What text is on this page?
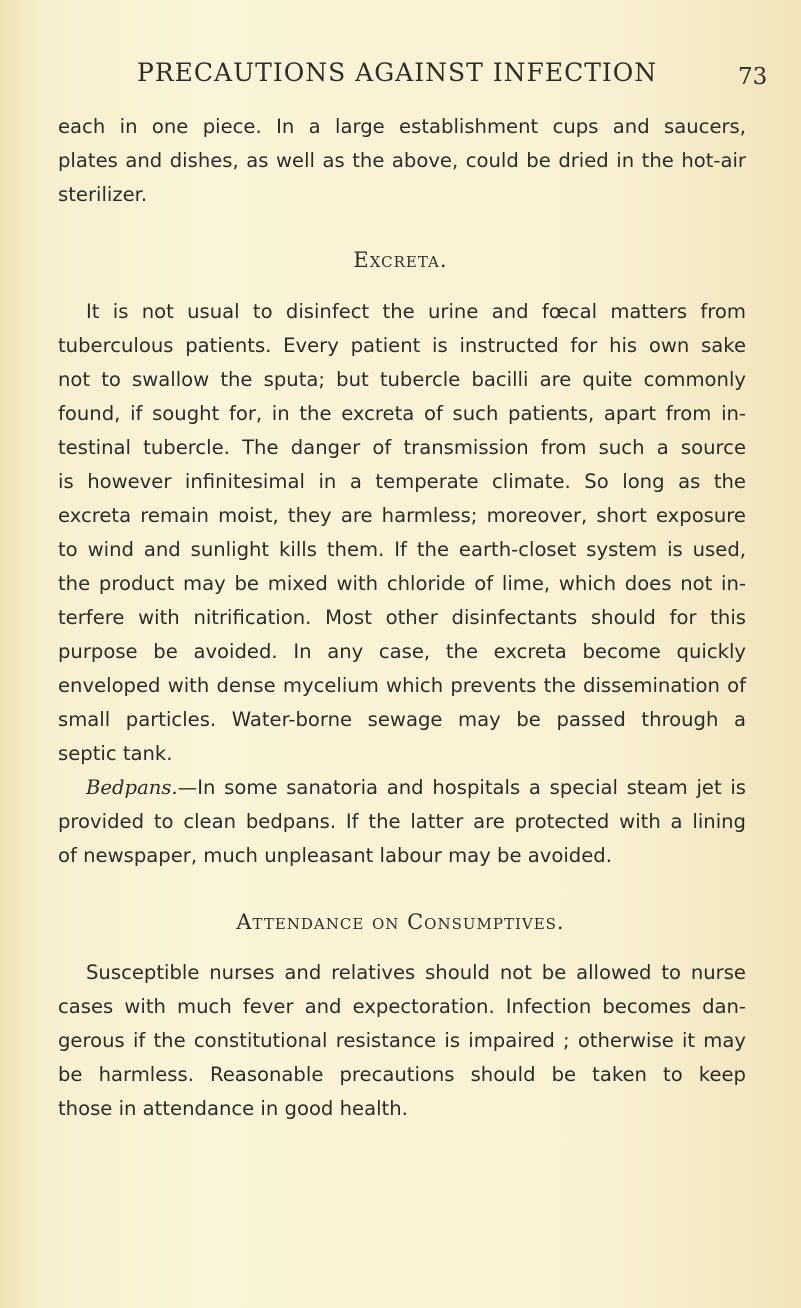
PRECAUTIONS AGAINST INFECTION	73
each in one piece. In a large establishment cups and saucers,
plates and dishes, as well as the above, could be dried in the hot-air
sterilizer.
Excreta.
It is not usual to disinfect the urine and fœcal matters from
tuberculous patients. Every patient is instructed for his own sake
not to swallow the sputa; but tubercle bacilli are quite commonly
found, if sought for, in the excreta of such patients, apart from in-
testinal tubercle. The danger of transmission from such a source
is however infinitesimal in a temperate climate. So long as the
excreta remain moist, they are harmless; moreover, short exposure
to wind and sunlight kills them. If the earth-closet system is used,
the product may be mixed with chloride of lime, which does not in-
terfere with nitrification. Most other disinfectants should for this
purpose be avoided. In any case, the excreta become quickly
enveloped with dense mycelium which prevents the dissemination of
small particles. Water-borne sewage may be passed through a
septic tank.
Bedpans.—In some sanatoria and hospitals a special steam jet is
provided to clean bedpans. If the latter are protected with a lining
of newspaper, much unpleasant labour may be avoided.
Attendance on Consumptives.
Susceptible nurses and relatives should not be allowed to nurse
cases with much fever and expectoration. Infection becomes dan-
gerous if the constitutional resistance is impaired ; otherwise it may
be harmless. Reasonable precautions should be taken to keep
those in attendance in good health.
